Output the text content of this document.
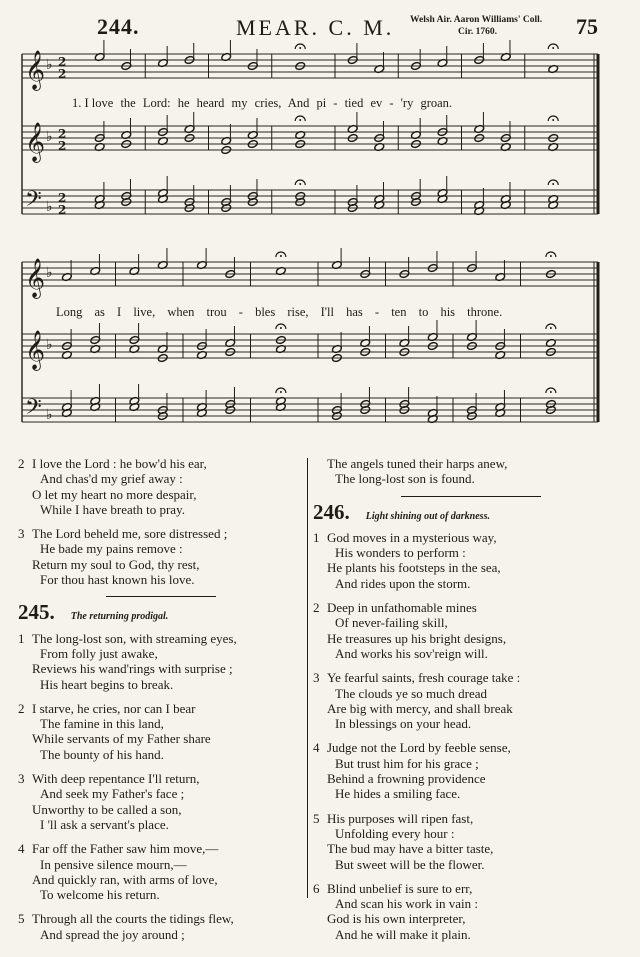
244.	MEAR. C. M. Welsh Air. Aaron Williams' Coll.
Cir. 1760.	75
𝄞 ♭ 2
2
𝄞 ♭ 2
2
𝄢 ♭
2
2
𝄞 ♭
𝄞 ♭
𝄢 ♭
1. I love the Lord: he heard my cries, And pi - tied ev - 'ry groan.
Long as I live, when trou - bles rise, I'll has - ten to his throne.

2 I love the Lord : he bow'd his ear,

And chas'd my grief away :

O let my heart no more despair,

While I have breath to pray.

3 The Lord beheld me, sore distressed ;

He bade my pains remove :

Return my soul to God, thy rest,

For thou hast known his love.

245. The returning prodigal.

1 The long-lost son, with streaming eyes,

From folly just awake,

Reviews his wand'rings with surprise ;

His heart begins to break.

2 I starve, he cries, nor can I bear

The famine in this land,

While servants of my Father share

The bounty of his hand.

3 With deep repentance I'll return,

And seek my Father's face ;

Unworthy to be called a son,

I 'll ask a servant's place.

4 Far off the Father saw him move,—

In pensive silence mourn,—

And quickly ran, with arms of love,

To welcome his return.

5 Through all the courts the tidings flew,

And spread the joy around ;

The angels tuned their harps anew,

The long-lost son is found.

246. Light shining out of darkness.

1 God moves in a mysterious way,

His wonders to perform :

He plants his footsteps in the sea,

And rides upon the storm.

2 Deep in unfathomable mines

Of never-failing skill,

He treasures up his bright designs,

And works his sov'reign will.

3 Ye fearful saints, fresh courage take :

The clouds ye so much dread

Are big with mercy, and shall break

In blessings on your head.

4 Judge not the Lord by feeble sense,

But trust him for his grace ;

Behind a frowning providence

He hides a smiling face.

5 His purposes will ripen fast,

Unfolding every hour :

The bud may have a bitter taste,

But sweet will be the flower.

6 Blind unbelief is sure to err,

And scan his work in vain :

God is his own interpreter,

And he will make it plain.
